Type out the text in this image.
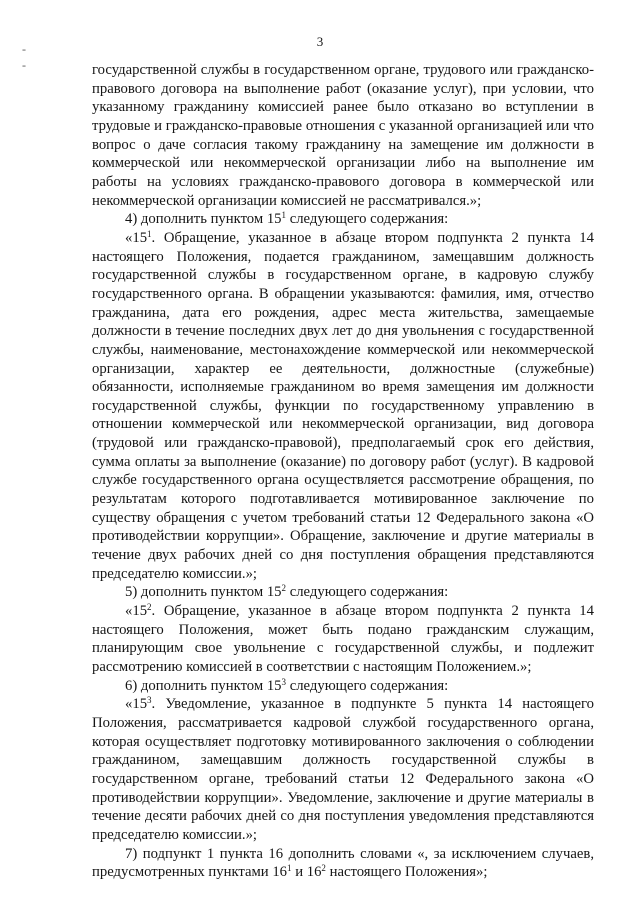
3
-
-	государственной службы в государственном органе, трудового или гражданско-правового договора на выполнение работ (оказание услуг), при условии, что указанному гражданину комиссией ранее было отказано во вступлении в трудовые и гражданско-правовые отношения с указанной организацией или что вопрос о даче согласия такому гражданину на замещение им должности в коммерческой или некоммерческой организации либо на выполнение им работы на условиях гражданско-правового договора в коммерческой или некоммерческой организации комиссией не рассматривался.»;

4) дополнить пунктом $15^1$ следующего содержания:

«$15^1$. Обращение, указанное в абзаце втором подпункта 2 пункта 14 настоящего Положения, подается гражданином, замещавшим должность государственной службы в государственном органе, в кадровую службу государственного органа. В обращении указываются: фамилия, имя, отчество гражданина, дата его рождения, адрес места жительства, замещаемые должности в течение последних двух лет до дня увольнения с государственной службы, наименование, местонахождение коммерческой или некоммерческой организации, характер ее деятельности, должностные (служебные) обязанности, исполняемые гражданином во время замещения им должности государственной службы, функции по государственному управлению в отношении коммерческой или некоммерческой организации, вид договора (трудовой или гражданско-правовой), предполагаемый срок его действия, сумма оплаты за выполнение (оказание) по договору работ (услуг). В кадровой службе государственного органа осуществляется рассмотрение обращения, по результатам которого подготавливается мотивированное заключение по существу обращения с учетом требований статьи 12 Федерального закона «О противодействии коррупции». Обращение, заключение и другие материалы в течение двух рабочих дней со дня поступления обращения представляются председателю комиссии.»;

5) дополнить пунктом $15^2$ следующего содержания:

«$15^2$. Обращение, указанное в абзаце втором подпункта 2 пункта 14 настоящего Положения, может быть подано гражданским служащим, планирующим свое увольнение с государственной службы, и подлежит рассмотрению комиссией в соответствии с настоящим Положением.»;

6) дополнить пунктом $15^3$ следующего содержания:

«$15^3$. Уведомление, указанное в подпункте 5 пункта 14 настоящего Положения, рассматривается кадровой службой государственного органа, которая осуществляет подготовку мотивированного заключения о соблюдении гражданином, замещавшим должность государственной службы в государственном органе, требований статьи 12 Федерального закона «О противодействии коррупции». Уведомление, заключение и другие материалы в течение десяти рабочих дней со дня поступления уведомления представляются председателю комиссии.»;

7) подпункт 1 пункта 16 дополнить словами «, за исключением случаев, предусмотренных пунктами $16^1$ и $16^2$ настоящего Положения»;
